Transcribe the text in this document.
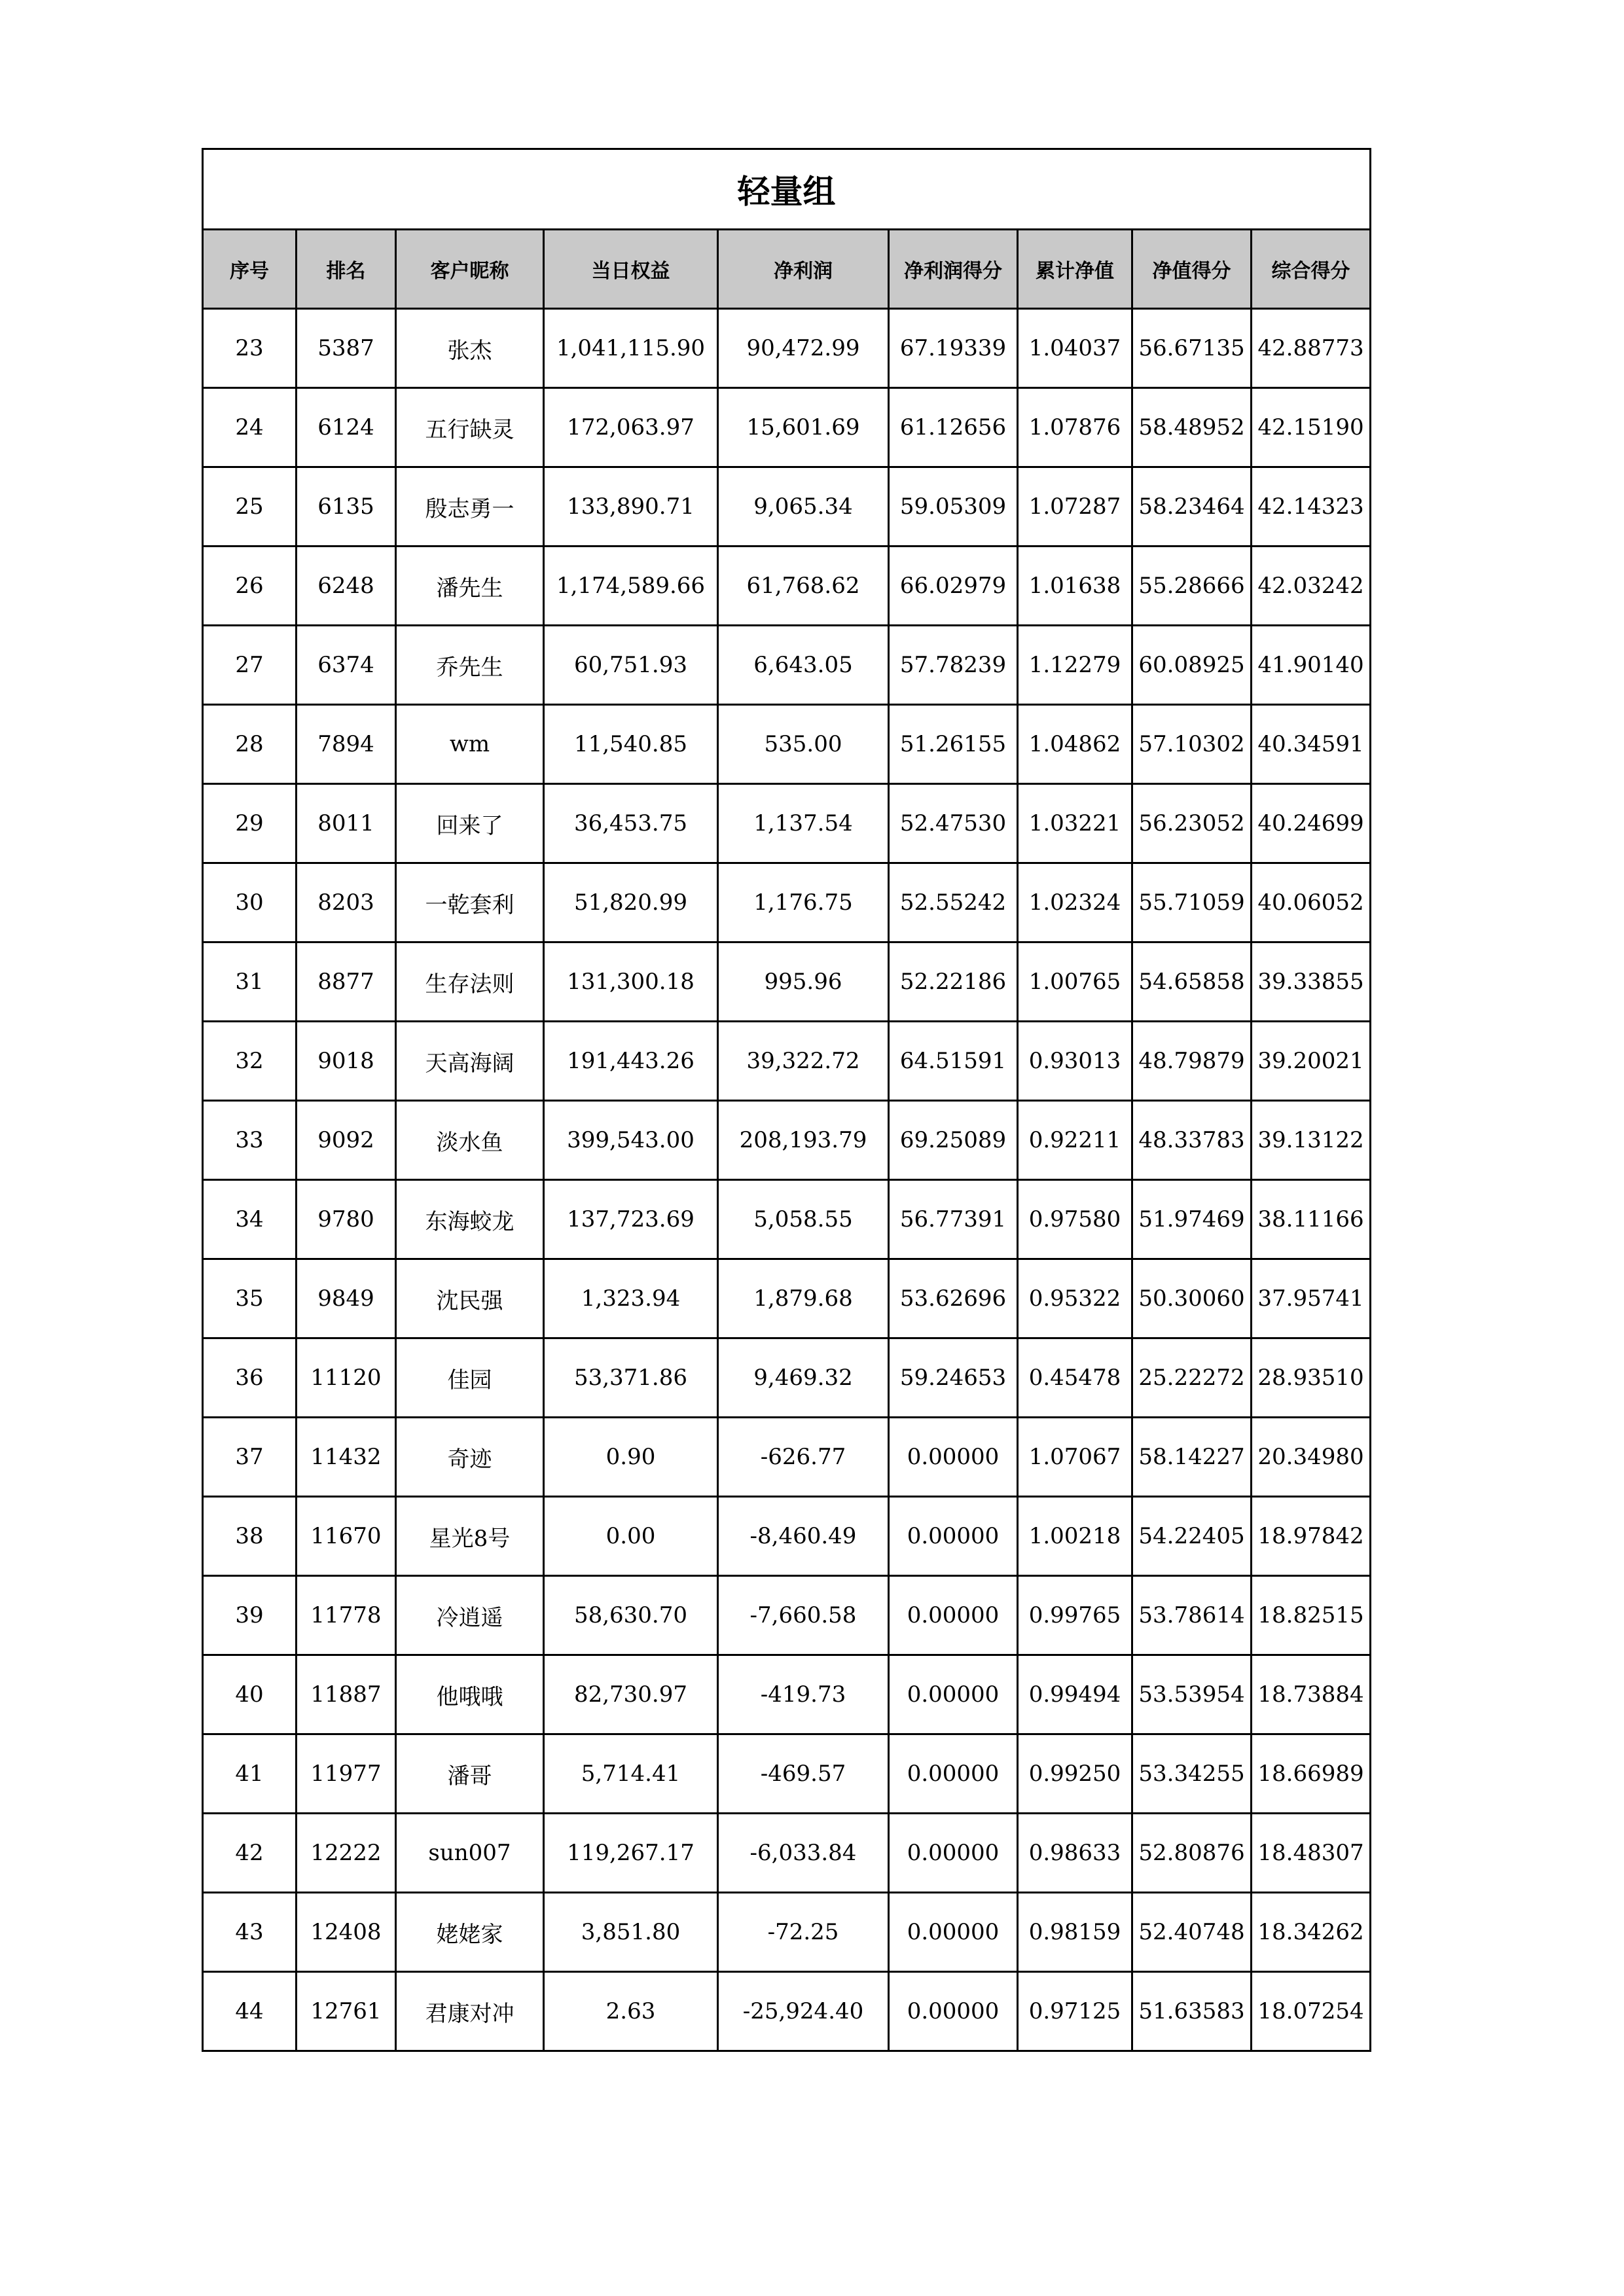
轻量组								
序号	排名	客户昵称	当日权益	净利润	净利润得分	累计净值	净值得分	综合得分
23	5387	张杰	1,041,115.90	90,472.99	67.19339	1.04037	56.67135	42.88773
24	6124	五行缺灵	172,063.97	15,601.69	61.12656	1.07876	58.48952	42.15190
25	6135	殷志勇一	133,890.71	9,065.34	59.05309	1.07287	58.23464	42.14323
26	6248	潘先生	1,174,589.66	61,768.62	66.02979	1.01638	55.28666	42.03242
27	6374	乔先生	60,751.93	6,643.05	57.78239	1.12279	60.08925	41.90140
28	7894	wm	11,540.85	535.00	51.26155	1.04862	57.10302	40.34591
29	8011	回来了	36,453.75	1,137.54	52.47530	1.03221	56.23052	40.24699
30	8203	一乾套利	51,820.99	1,176.75	52.55242	1.02324	55.71059	40.06052
31	8877	生存法则	131,300.18	995.96	52.22186	1.00765	54.65858	39.33855
32	9018	天高海阔	191,443.26	39,322.72	64.51591	0.93013	48.79879	39.20021
33	9092	淡水鱼	399,543.00	208,193.79	69.25089	0.92211	48.33783	39.13122
34	9780	东海蛟龙	137,723.69	5,058.55	56.77391	0.97580	51.97469	38.11166
35	9849	沈民强	1,323.94	1,879.68	53.62696	0.95322	50.30060	37.95741
36	11120	佳园	53,371.86	9,469.32	59.24653	0.45478	25.22272	28.93510
37	11432	奇迹	0.90	-626.77	0.00000	1.07067	58.14227	20.34980
38	11670	星光8号	0.00	-8,460.49	0.00000	1.00218	54.22405	18.97842
39	11778	冷逍遥	58,630.70	-7,660.58	0.00000	0.99765	53.78614	18.82515
40	11887	他哦哦	82,730.97	-419.73	0.00000	0.99494	53.53954	18.73884
41	11977	潘哥	5,714.41	-469.57	0.00000	0.99250	53.34255	18.66989
42	12222	sun007	119,267.17	-6,033.84	0.00000	0.98633	52.80876	18.48307
43	12408	姥姥家	3,851.80	-72.25	0.00000	0.98159	52.40748	18.34262
44	12761	君康对冲	2.63	-25,924.40	0.00000	0.97125	51.63583	18.07254
